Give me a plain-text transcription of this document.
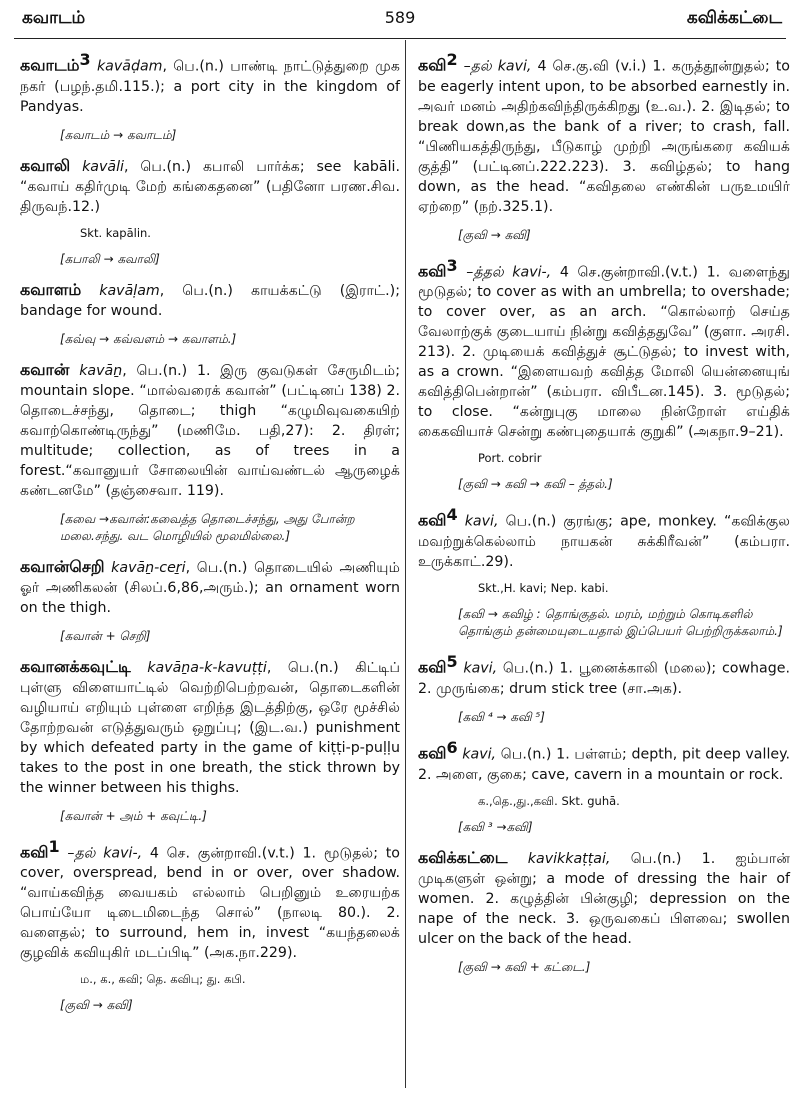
கவாடம்	589	கவிக்கட்டை
கவாடம்$^3$ kavāḍam, பெ.(n.) பாண்டி நாட்டுத்துறை முக நகர் (பழந்.தமி.115.); a port city in the kingdom of Pandyas.
[கவாடம் → கவாடம்]
கவாலி kavāli, பெ.(n.) கபாலி பார்க்க; see kabāli. “கவாய் கதிர்முடி மேற் கங்கைதனை” (பதினோ பரண.சிவ. திருவந்.12.)
Skt. kapālin.
[கபாலி → கவாலி]
கவாளம் kavāḷam, பெ.(n.) காயக்கட்டு (இராட்.); bandage for wound.
[கவ்வு → கவ்வளம் → கவாளம்.]
கவான் kavāṉ, பெ.(n.) 1. இரு குவடுகள் சேருமிடம்; mountain slope. “மால்வரைக் கவான்” (பட்டினப் 138) 2. தொடைச்சந்து, தொடை; thigh “கழுமிவுவகையிற் கவாற்கொண்டிருந்து” (மணிமே. பதி,27): 2. திரள்; multitude; collection, as of trees in a forest.“கவானுயர் சோலையின் வாய்வண்டல் ஆருழைக் கண்டனமே” (தஞ்சைவா. 119).
[கவை →கவான்:கவைத்த தொடைச்சந்து, அது போன்ற மலை.சந்து. வட மொழியில் மூலமில்லை.]
கவான்செறி kavāṉ-ceṟi, பெ.(n.) தொடையில் அணியும் ஓர் அணிகலன் (சிலப்.6,86,அரும்.); an ornament worn on the thigh.
[கவான் + செறி]
கவானக்கவுட்டி kavāṉa-k-kavuṭṭi, பெ.(n.) கிட்டிப் புள்ளு விளையாட்டில் வெற்றிபெற்றவன், தொடைகளின் வழியாய் எறியும் புள்ளை எறிந்த இடத்திற்கு, ஒரே மூச்சில் தோற்றவன் எடுத்துவரும் ஒறுப்பு; (இட.வ.) punishment by which defeated party in the game of kiṭṭi-p-puḷḷu takes to the post in one breath, the stick thrown by the winner between his thighs.
[கவான் + அம் + கவுட்டி.]
கவி$^1$ –தல் kavi-, 4 செ. குன்றாவி.(v.t.) 1. மூடுதல்; to cover, overspread, bend in or over, over shadow. “வாய்கவிந்த வையகம் எல்லாம் பெறினும் உரையற்க பொய்யோ டிடைமிடைந்த சொல்” (நாலடி 80.). 2. வளைதல்; to surround, hem in, invest “கயந்தலைக் குழவிக் கவியுகிர் மடப்பிடி” (அக.நா.229).
ம., க., கவி; தெ. கவிபு; து. கபி.
[குவி → கவி]
கவி$^2$ –தல் kavi, 4 செ.கு.வி (v.i.) 1. கருத்தூன்றுதல்; to be eagerly intent upon, to be absorbed earnestly in. அவர் மனம் அதிற்கவிந்திருக்கிறது (உ.வ.). 2. இடிதல்; to break down,as the bank of a river; to crash, fall. “பிணியகத்திருந்து, பீடுகாழ் முற்றி அருங்கரை கவியக் குத்தி” (பட்டினப்.222.223). 3. கவிழ்தல்; to hang down, as the head. “கவிதலை எண்கின் பருஉமயிர் ஏற்றை” (நற்.325.1).
[குவி → கவி]
கவி$^3$ –த்தல் kavi-, 4 செ.குன்றாவி.(v.t.) 1. வளைந்து மூடுதல்; to cover as with an umbrella; to overshade; to cover over, as an arch. “கொல்லாற் செய்த வேலாற்குக் குடையாய் நின்று கவித்ததுவே” (குளா. அரசி. 213). 2. முடியைக் கவித்துச் சூட்டுதல்; to invest with, as a crown. “இளையவற் கவித்த மோலி யென்னையுங் கவித்திபென்றான்” (கம்பரா. விபீடன.145). 3. மூடுதல்; to close. “கன்றுபுகு மாலை நின்றோள் எய்திக் கைகவியாச் சென்று கண்புதையாக் குறுகி” (அகநா.9–21).
Port. cobrir
[குவி → கவி → கவி – த்தல்.]
கவி$^4$ kavi, பெ.(n.) குரங்கு; ape, monkey. “கவிக்குல மவற்றுக்கெல்லாம் நாயகன் சுக்கிரீவன்” (கம்பரா. உருக்காட்.29).
Skt.,H. kavi; Nep. kabi.
[கவி → கவிழ் : தொங்குதல். மரம், மற்றும் கொடிகளில் தொங்கும் தன்மையுடையதால் இப்பெயர் பெற்றிருக்கலாம்.]
கவி$^5$ kavi, பெ.(n.) 1. பூனைக்காலி (மலை); cowhage. 2. முருங்கை; drum stick tree (சா.அக).
[கவி ⁴ → கவி ⁵]
கவி$^6$ kavi, பெ.(n.) 1. பள்ளம்; depth, pit deep valley. 2. அளை, குகை; cave, cavern in a mountain or rock.
க.,தெ.,து.,கவி. Skt. guhā.
[கவி ³ →கவி]
கவிக்கட்டை kavikkaṭṭai, பெ.(n.) 1. ஐம்பான் முடிகளுள் ஒன்று; a mode of dressing the hair of women. 2. கழுத்தின் பின்குழி; depression on the nape of the neck. 3. ஒருவகைப் பிளவை; swollen ulcer on the back of the head.
[குவி → கவி + கட்டை.]
